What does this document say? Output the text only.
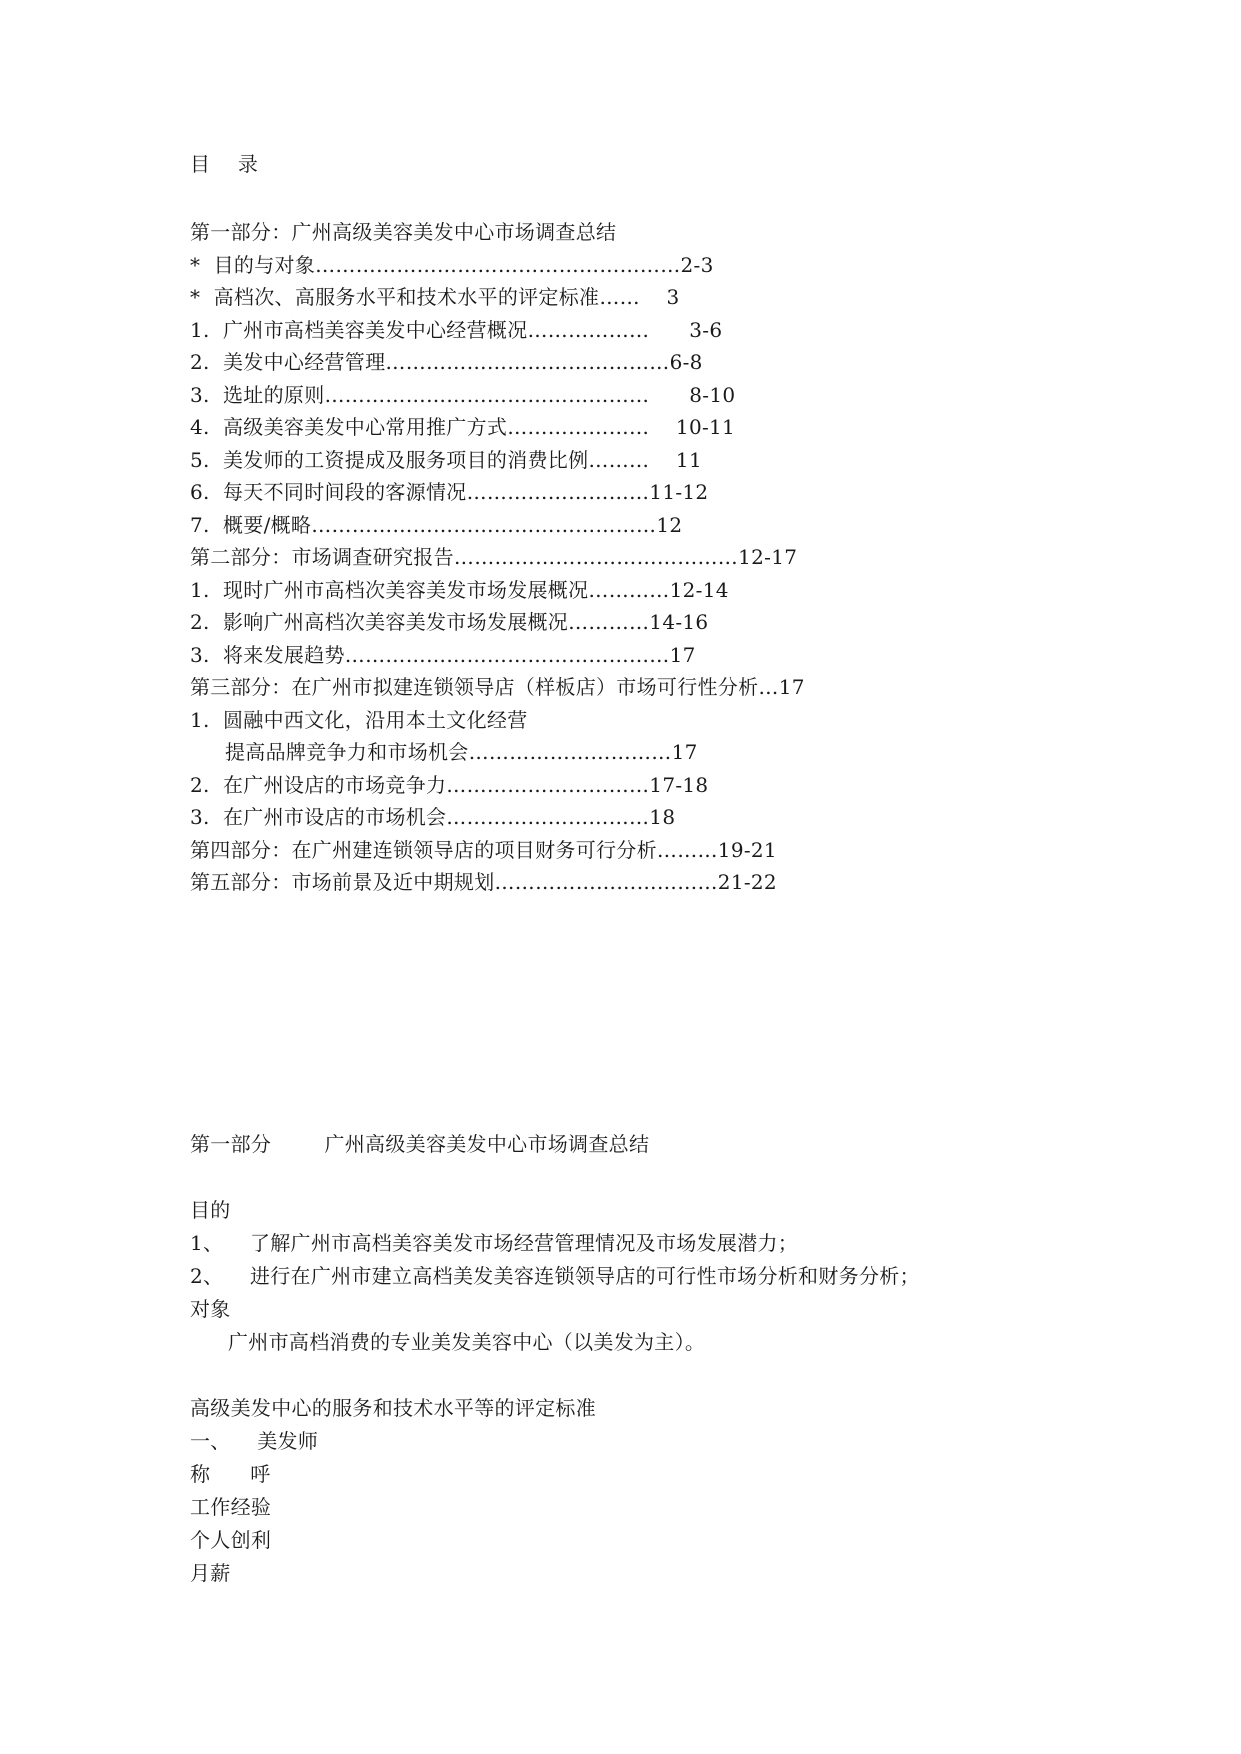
目    录
第一部分：广州高级美容美发中心市场调查总结
*  目的与对象………………………………………………2-3
*  高档次、高服务水平和技术水平的评定标准……    3
1.  广州市高档美容美发中心经营概况………………      3-6
2.  美发中心经营管理……………………………………6-8
3.  选址的原则…………………………………………      8-10
4.  高级美容美发中心常用推广方式…………………    10-11
5.  美发师的工资提成及服务项目的消费比例………    11
6.  每天不同时间段的客源情况………………………11-12
7.  概要/概略……………………………………………12
第二部分：市场调查研究报告……………………………………12-17
1.  现时广州市高档次美容美发市场发展概况…………12-14
2.  影响广州高档次美容美发市场发展概况…………14-16
3.  将来发展趋势…………………………………………17
第三部分：在广州市拟建连锁领导店（样板店）市场可行性分析…17
1.  圆融中西文化，沿用本土文化经营
提高品牌竞争力和市场机会…………………………17
2.  在广州设店的市场竞争力…………………………17-18
3.  在广州市设店的市场机会…………………………18
第四部分：在广州建连锁领导店的项目财务可行分析………19-21
第五部分：市场前景及近中期规划……………………………21-22
第一部分        广州高级美容美发中心市场调查总结
目的
1、    了解广州市高档美容美发市场经营管理情况及市场发展潜力；
2、    进行在广州市建立高档美发美容连锁领导店的可行性市场分析和财务分析；
对象
广州市高档消费的专业美发美容中心（以美发为主）。
高级美发中心的服务和技术水平等的评定标准
一、    美发师
称      呼
工作经验
个人创利
月薪
